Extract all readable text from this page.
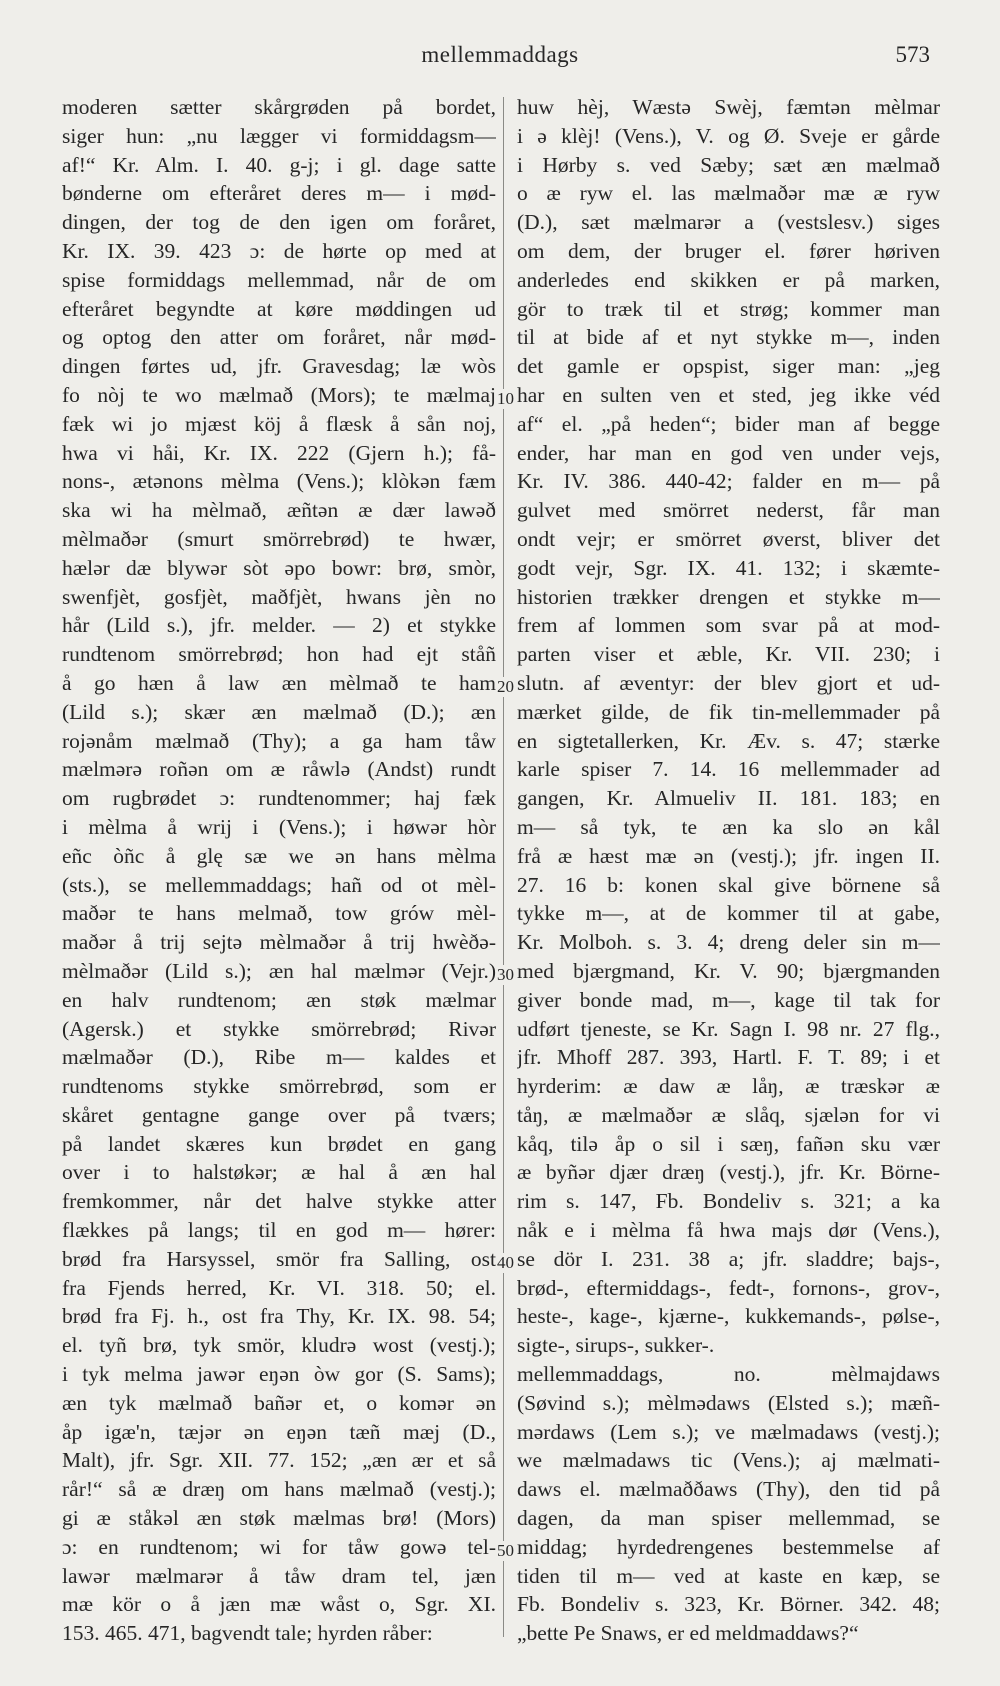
mellemmaddags	573
moderen sætter skårgrøden på bordet,
siger hun: „nu lægger vi formiddagsm—
af!“ Kr. Alm. I. 40. g-j; i gl. dage satte
bønderne om efteråret deres m— i mød-
dingen, der tog de den igen om foråret,
Kr. IX. 39. 423 ɔ: de hørte op med at
spise formiddags mellemmad, når de om
efteråret begyndte at køre møddingen ud
og optog den atter om foråret, når mød-
dingen førtes ud, jfr. Gravesdag; læ wòs
fo nòj te wo mælmað (Mors); te mælmaj
fæk wi jo mjæst köj å flæsk å sån noj,
hwa vi håi, Kr. IX. 222 (Gjern h.); få-
nons-, ætənons mèlma (Vens.); klòkən fæm
ska wi ha mèlmað, æñtən æ dær lawəð
mèlmaðər (smurt smörrebrød) te hwær,
hælər dæ blywər sòt əpo bowr: brø, smòr,
swenfjèt, gosfjèt, maðfjèt, hwans jèn no
hår (Lild s.), jfr. melder. — 2) et stykke
rundtenom smörrebrød; hon had ejt ståñ
å go hæn å law æn mèlmað te ham
(Lild s.); skær æn mælmað (D.); æn
rojənåm mælmað (Thy); a ga ham tåw
mælmərə roñən om æ råwlə (Andst) rundt
om rugbrødet ɔ: rundtenommer; haj fæk
i mèlma å wrij i (Vens.); i høwər hòr
eñc òñc å glę sæ we ən hans mèlma
(sts.), se mellemmaddags; hañ od ot mèl-
maðər te hans melmað, tow grów mèl-
maðər å trij sejtə mèlmaðər å trij hwèðə-
mèlmaðər (Lild s.); æn hal mælmər (Vejr.)
en halv rundtenom; æn støk mælmar
(Agersk.) et stykke smörrebrød; Rivər
mælmaðər (D.), Ribe m— kaldes et
rundtenoms stykke smörrebrød, som er
skåret gentagne gange over på tværs;
på landet skæres kun brødet en gang
over i to halstøkər; æ hal å æn hal
fremkommer, når det halve stykke atter
flækkes på langs; til en god m— hører:
brød fra Harsyssel, smör fra Salling, ost
fra Fjends herred, Kr. VI. 318. 50; el.
brød fra Fj. h., ost fra Thy, Kr. IX. 98. 54;
el. tyñ brø, tyk smör, kludrə wost (vestj.);
i tyk melma jawər eŋən òw gor (S. Sams);
æn tyk mælmað bañər et, o komər ən
åp igæ'n, tæjər ən eŋən tæñ mæj (D.,
Malt), jfr. Sgr. XII. 77. 152; „æn ær et så
rår!“ så æ dræŋ om hans mælmað (vestj.);
gi æ ståkəl æn støk mælmas brø! (Mors)
ɔ: en rundtenom; wi for tåw gowə tel-
lawər mælmarər å tåw dram tel, jæn
mæ kör o å jæn mæ wåst o, Sgr. XI.
153. 465. 471, bagvendt tale; hyrden råber:
huw hèj, Wæstə Swèj, fæmtən mèlmar
i ə klèj! (Vens.), V. og Ø. Sveje er gårde
i Hørby s. ved Sæby; sæt æn mælmað
o æ ryw el. las mælmaðər mæ æ ryw
(D.), sæt mælmarər a (vestslesv.) siges
om dem, der bruger el. fører høriven
anderledes end skikken er på marken,
gör to træk til et strøg; kommer man
til at bide af et nyt stykke m—, inden
det gamle er opspist, siger man: „jeg
har en sulten ven et sted, jeg ikke véd
af“ el. „på heden“; bider man af begge
ender, har man en god ven under vejs,
Kr. IV. 386. 440-42; falder en m— på
gulvet med smörret nederst, får man
ondt vejr; er smörret øverst, bliver det
godt vejr, Sgr. IX. 41. 132; i skæmte-
historien trækker drengen et stykke m—
frem af lommen som svar på at mod-
parten viser et æble, Kr. VII. 230; i
slutn. af æventyr: der blev gjort et ud-
mærket gilde, de fik tin-mellemmader på
en sigtetallerken, Kr. Æv. s. 47; stærke
karle spiser 7. 14. 16 mellemmader ad
gangen, Kr. Almueliv II. 181. 183; en
m— så tyk, te æn ka slo ən kål
frå æ hæst mæ ən (vestj.); jfr. ingen II.
27. 16 b: konen skal give börnene så
tykke m—, at de kommer til at gabe,
Kr. Molboh. s. 3. 4; dreng deler sin m—
med bjærgmand, Kr. V. 90; bjærgmanden
giver bonde mad, m—, kage til tak for
udført tjeneste, se Kr. Sagn I. 98 nr. 27 flg.,
jfr. Mhoff 287. 393, Hartl. F. T. 89; i et
hyrderim: æ daw æ låŋ, æ træskər æ
tåŋ, æ mælmaðər æ slåq, sjælən for vi
kåq, tilə åp o sil i sæŋ, fañən sku vær
æ byñər djær dræŋ (vestj.), jfr. Kr. Börne-
rim s. 147, Fb. Bondeliv s. 321; a ka
nåk e i mèlma få hwa majs dør (Vens.),
se dör I. 231. 38 a; jfr. sladdre; bajs-,
brød-, eftermiddags-, fedt-, fornons-, grov-,
heste-, kage-, kjærne-, kukkemands-, pølse-,
sigte-, sirups-, sukker-.
mellemmaddags, no. mèlmajdaws
(Søvind s.); mèlmədaws (Elsted s.); mæñ-
mərdaws (Lem s.); ve mælmadaws (vestj.);
we mælmadaws tic (Vens.); aj mælmati-
daws el. mælmaððaws (Thy), den tid på
dagen, da man spiser mellemmad, se
middag; hyrdedrengenes bestemmelse af
tiden til m— ved at kaste en kæp, se
Fb. Bondeliv s. 323, Kr. Börner. 342. 48;
„bette Pe Snaws, er ed meldmaddaws?“
10
20
30
40
50
